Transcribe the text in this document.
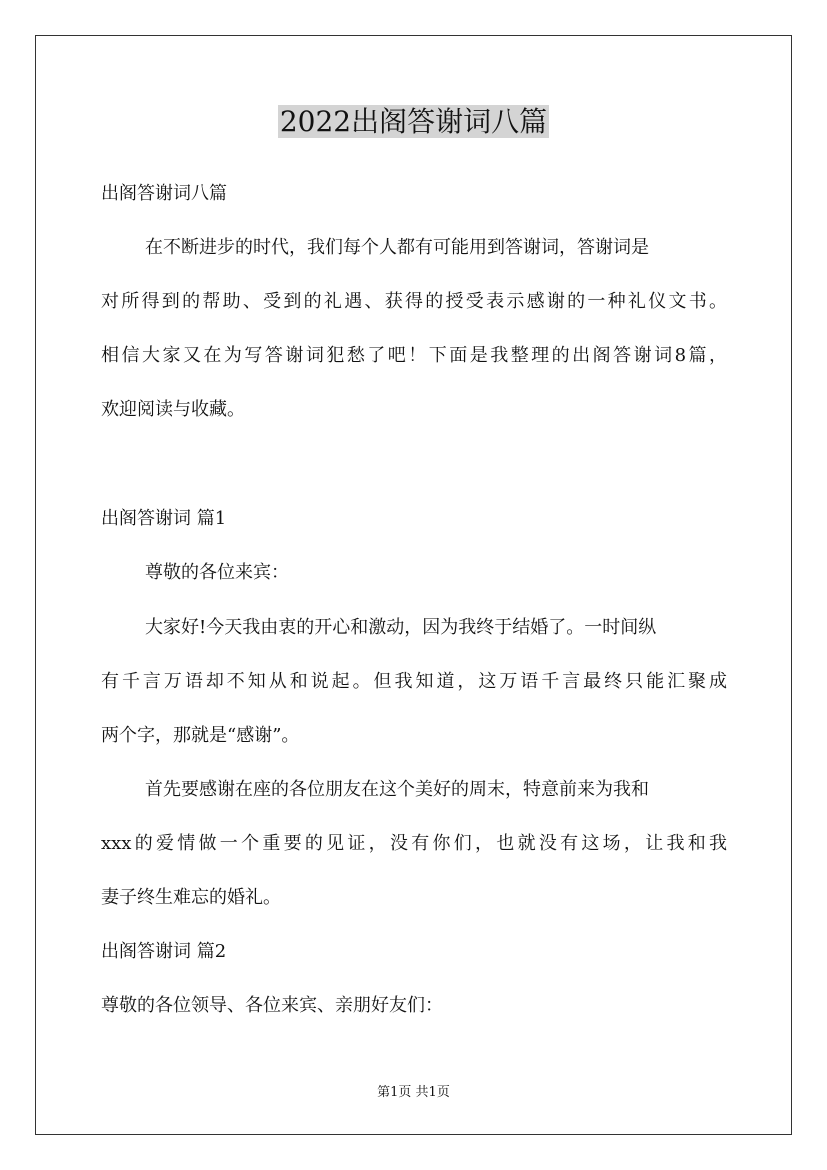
2022出阁答谢词八篇
出阁答谢词八篇
在不断进步的时代，我们每个人都有可能用到答谢词，答谢词是
对所得到的帮助、受到的礼遇、获得的授受表示感谢的一种礼仪文书。
相信大家又在为写答谢词犯愁了吧！下面是我整理的出阁答谢词8篇，
欢迎阅读与收藏。
出阁答谢词 篇1
尊敬的各位来宾：
大家好!今天我由衷的开心和激动，因为我终于结婚了。一时间纵
有千言万语却不知从和说起。但我知道，这万语千言最终只能汇聚成
两个字，那就是“感谢”。
首先要感谢在座的各位朋友在这个美好的周末，特意前来为我和
xxx的爱情做一个重要的见证，没有你们，也就没有这场，让我和我
妻子终生难忘的婚礼。
出阁答谢词 篇2
尊敬的各位领导、各位来宾、亲朋好友们：
第1页 共1页
